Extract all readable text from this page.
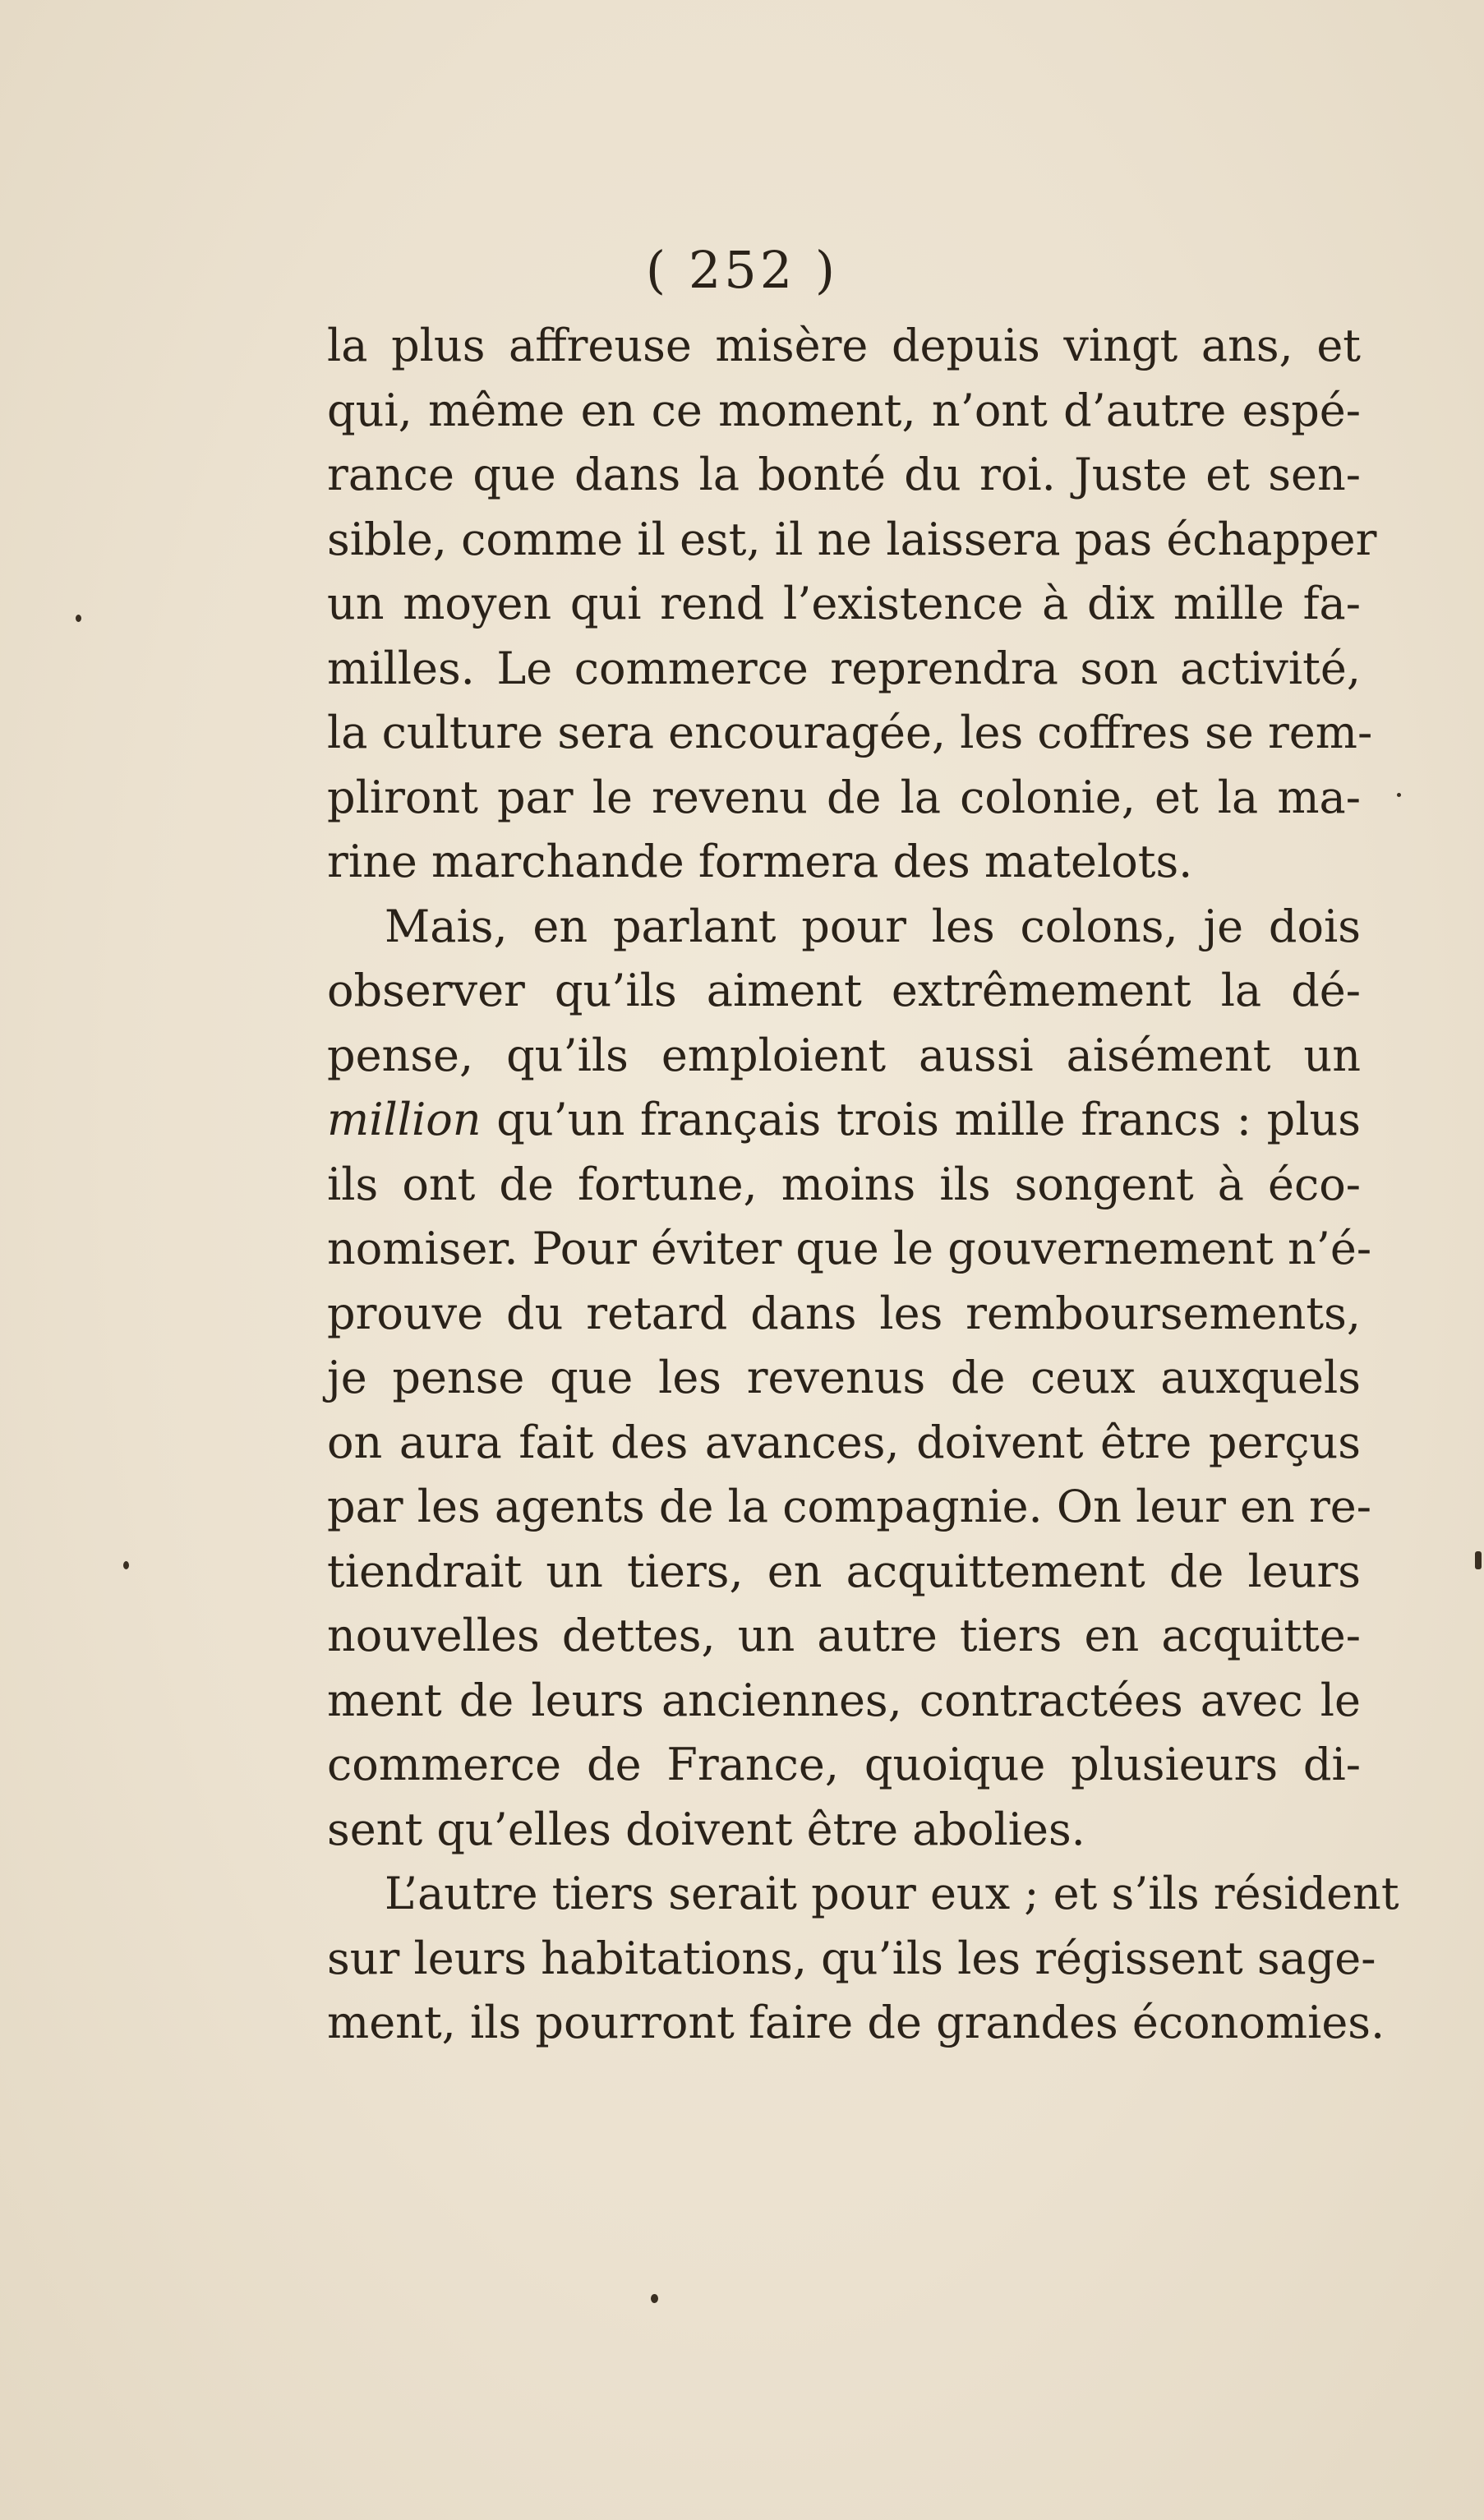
( 252 )
la plus affreuse misère depuis vingt ans, et
qui, même en ce moment, n’ont d’autre espé-
rance que dans la bonté du roi. Juste et sen-
sible, comme il est, il ne laissera pas échapper
un moyen qui rend l’existence à dix mille fa-
milles. Le commerce reprendra son activité,
la culture sera encouragée, les coffres se rem-
pliront par le revenu de la colonie, et la ma-
rine marchande formera des matelots.
Mais, en parlant pour les colons, je dois
observer qu’ils aiment extrêmement la dé-
pense, qu’ils emploient aussi aisément un
million qu’un français trois mille francs : plus
ils ont de fortune, moins ils songent à éco-
nomiser. Pour éviter que le gouvernement n’é-
prouve du retard dans les remboursements,
je pense que les revenus de ceux auxquels
on aura fait des avances, doivent être perçus
par les agents de la compagnie. On leur en re-
tiendrait un tiers, en acquittement de leurs
nouvelles dettes, un autre tiers en acquitte-
ment de leurs anciennes, contractées avec le
commerce de France, quoique plusieurs di-
sent qu’elles doivent être abolies.
L’autre tiers serait pour eux ; et s’ils résident
sur leurs habitations, qu’ils les régissent sage-
ment, ils pourront faire de grandes économies.
